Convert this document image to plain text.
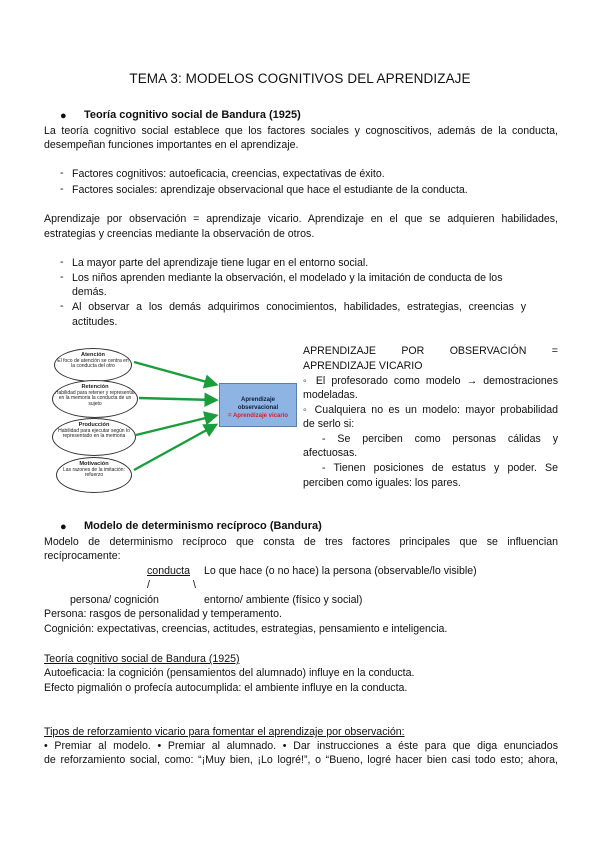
TEMA 3: MODELOS COGNITIVOS DEL APRENDIZAJE
● Teoría cognitivo social de Bandura (1925)
La teoría cognitivo social establece que los factores sociales y cognoscitivos, además de la conducta,
desempeñan funciones importantes en el aprendizaje.
- Factores cognitivos: autoeficacia, creencias, expectativas de éxito.
- Factores sociales: aprendizaje observacional que hace el estudiante de la conducta.
Aprendizaje por observación = aprendizaje vicario. Aprendizaje en el que se adquieren habilidades,
estrategias y creencias mediante la observación de otros.
- La mayor parte del aprendizaje tiene lugar en el entorno social.
- Los niños aprenden mediante la observación, el modelado y la imitación de conducta de los
demás.
- Al observar a los demás adquirimos conocimientos, habilidades, estrategias, creencias y
actitudes.
Atención
El foco de atención se centra en la conducta del otro
Retención
Habilidad para retener y representar en la memoria la conducta de un sujeto
Producción
Habilidad para ejecutar según lo representado en la memoria
Motivación
Las razones de la imitación: refuerzo
Aprendizaje observacional
= Aprendizaje vicario
APRENDIZAJE POR OBSERVACIÓN =
APRENDIZAJE VICARIO
◦ El profesorado como modelo → demostraciones
modeladas.
◦ Cualquiera no es un modelo: mayor probabilidad
de serlo si:
- Se perciben como personas cálidas y
afectuosas.
- Tienen posiciones de estatus y poder. Se
perciben como iguales: los pares.
● Modelo de determinismo recíproco (Bandura)
Modelo de determinismo recíproco que consta de tres factores principales que se influencian
recíprocamente:
conducta Lo que hace (o no hace) la persona (observable/lo visible)
/	\
persona/ cognición	entorno/ ambiente (físico y social)
Persona: rasgos de personalidad y temperamento.
Cognición: expectativas, creencias, actitudes, estrategias, pensamiento e inteligencia.
Teoría cognitivo social de Bandura (1925)
Autoeficacia: la cognición (pensamientos del alumnado) influye en la conducta.
Efecto pigmalión o profecía autocumplida: el ambiente influye en la conducta.
Tipos de reforzamiento vicario para fomentar el aprendizaje por observación:
• Premiar al modelo. • Premiar al alumnado. • Dar instrucciones a éste para que diga enunciados
de reforzamiento social, como: “¡Muy bien, ¡Lo logré!”, o “Bueno, logré hacer bien casi todo esto; ahora,
